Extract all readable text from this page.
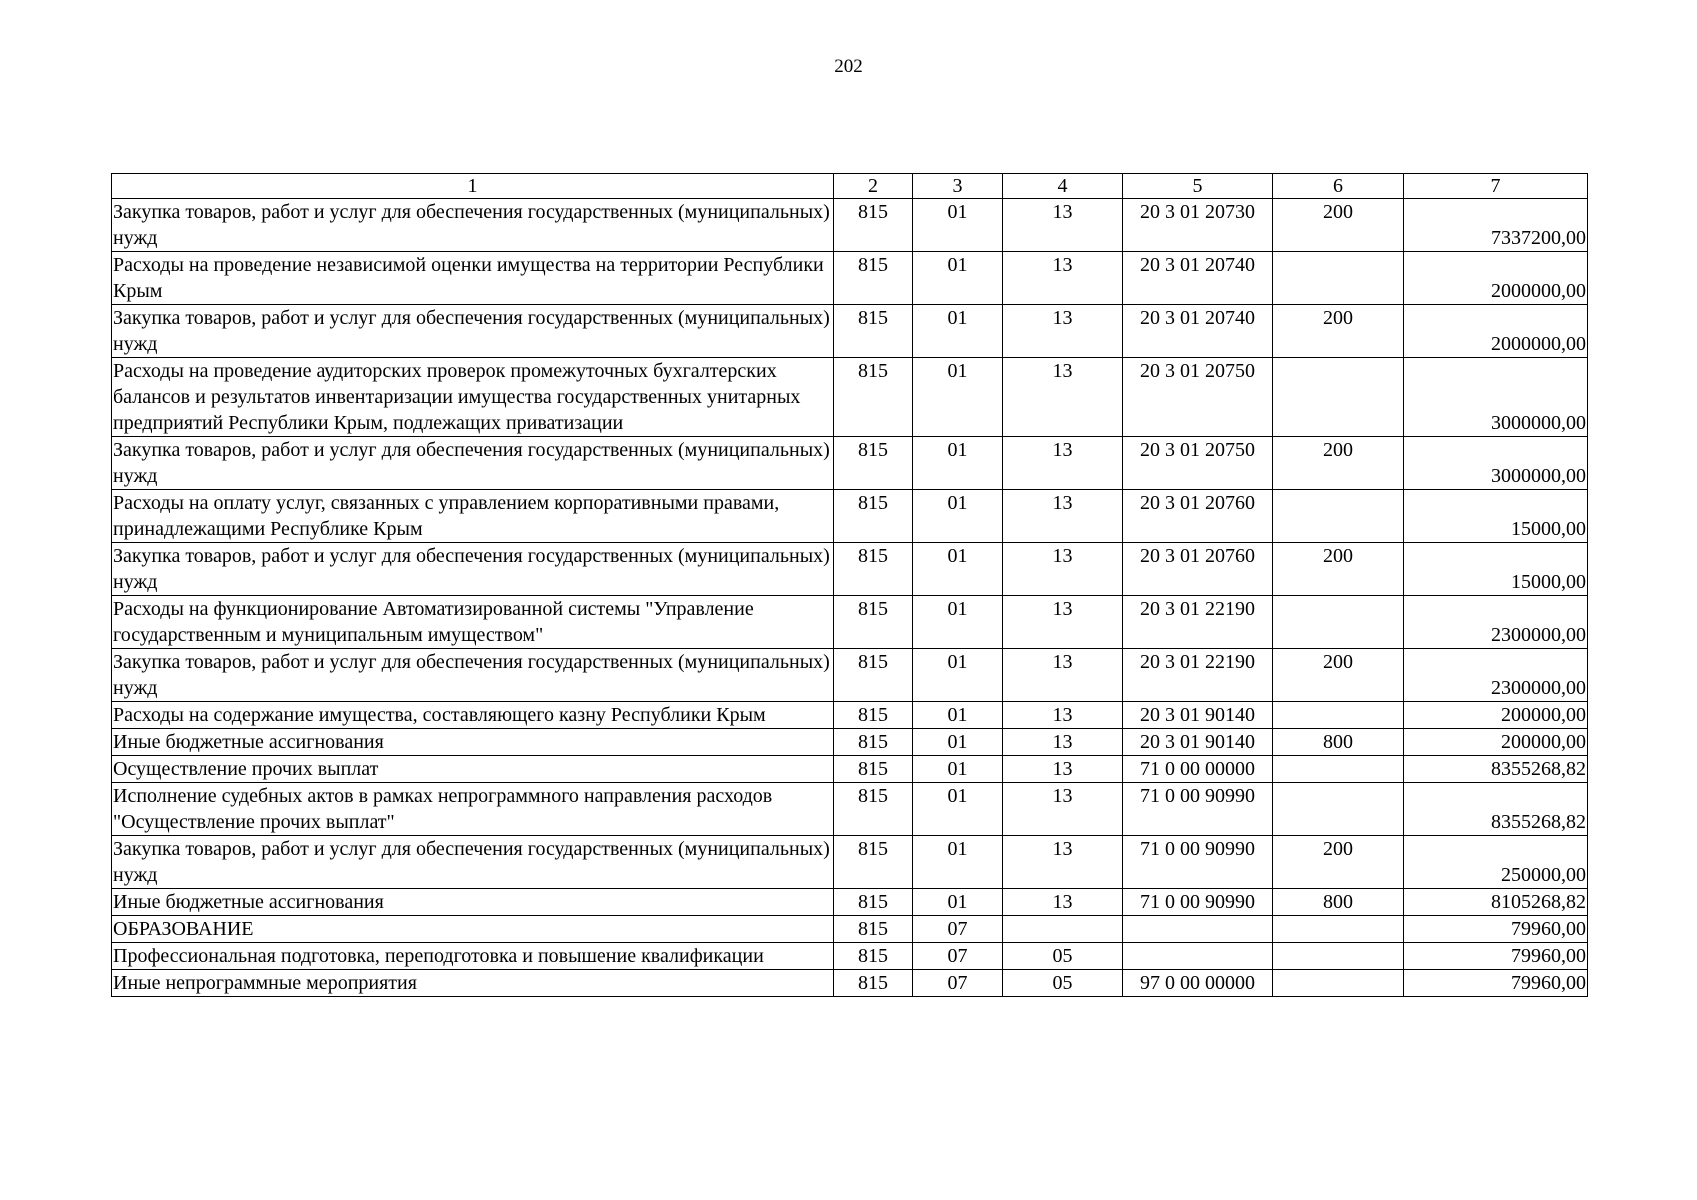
202
1	2	3	4	5	6	7
Закупка товаров, работ и услуг для обеспечения государственных (муниципальных) нужд	815	01	13	20 3 01 20730	200	7337200,00
Расходы на проведение независимой оценки имущества на территории Республики Крым	815	01	13	20 3 01 20740		2000000,00
Закупка товаров, работ и услуг для обеспечения государственных (муниципальных) нужд	815	01	13	20 3 01 20740	200	2000000,00
Расходы на проведение аудиторских проверок промежуточных бухгалтерских балансов и результатов инвентаризации имущества государственных унитарных предприятий Республики Крым, подлежащих приватизации	815	01	13	20 3 01 20750		3000000,00
Закупка товаров, работ и услуг для обеспечения государственных (муниципальных) нужд	815	01	13	20 3 01 20750	200	3000000,00
Расходы на оплату услуг, связанных с управлением корпоративными правами, принадлежащими Республике Крым	815	01	13	20 3 01 20760		15000,00
Закупка товаров, работ и услуг для обеспечения государственных (муниципальных) нужд	815	01	13	20 3 01 20760	200	15000,00
Расходы на функционирование Автоматизированной системы "Управление государственным и муниципальным имуществом"	815	01	13	20 3 01 22190		2300000,00
Закупка товаров, работ и услуг для обеспечения государственных (муниципальных) нужд	815	01	13	20 3 01 22190	200	2300000,00
Расходы на содержание имущества, составляющего казну Республики Крым	815	01	13	20 3 01 90140		200000,00
Иные бюджетные ассигнования	815	01	13	20 3 01 90140	800	200000,00
Осуществление прочих выплат	815	01	13	71 0 00 00000		8355268,82
Исполнение судебных актов в рамках непрограммного направления расходов "Осуществление прочих выплат"	815	01	13	71 0 00 90990		8355268,82
Закупка товаров, работ и услуг для обеспечения государственных (муниципальных) нужд	815	01	13	71 0 00 90990	200	250000,00
Иные бюджетные ассигнования	815	01	13	71 0 00 90990	800	8105268,82
ОБРАЗОВАНИЕ	815	07				79960,00
Профессиональная подготовка, переподготовка и повышение квалификации	815	07	05			79960,00
Иные непрограммные мероприятия	815	07	05	97 0 00 00000		79960,00
